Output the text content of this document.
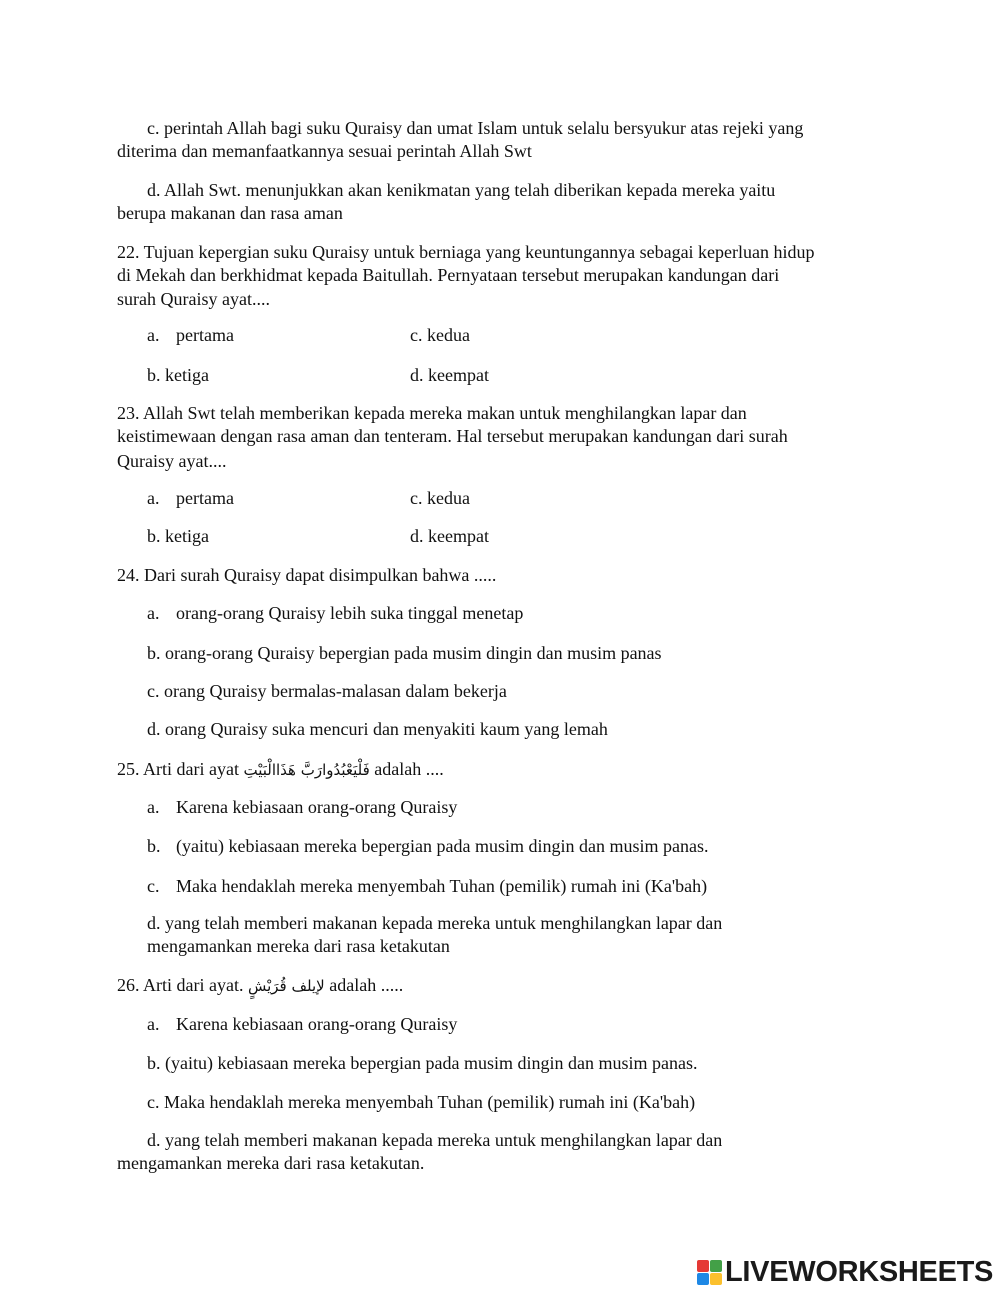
c. perintah Allah bagi suku Quraisy dan umat Islam untuk selalu bersyukur atas rejeki yang
diterima dan memanfaatkannya sesuai perintah Allah Swt
d. Allah Swt. menunjukkan akan kenikmatan yang telah diberikan kepada mereka yaitu
berupa makanan dan rasa aman
22. Tujuan kepergian suku Quraisy untuk berniaga yang keuntungannya sebagai keperluan hidup
di Mekah dan berkhidmat kepada Baitullah. Pernyataan tersebut merupakan kandungan dari
surah Quraisy ayat....
a. pertama	c. kedua
b. ketiga	d. keempat
23. Allah Swt telah memberikan kepada mereka makan untuk menghilangkan lapar dan
keistimewaan dengan rasa aman dan tenteram. Hal tersebut merupakan kandungan dari surah
Quraisy ayat....
a. pertama	c. kedua
b. ketiga	d. keempat
24. Dari surah Quraisy dapat disimpulkan bahwa .....
a. orang-orang Quraisy lebih suka tinggal menetap
b. orang-orang Quraisy bepergian pada musim dingin dan musim panas
c. orang Quraisy bermalas-malasan dalam bekerja
d. orang Quraisy suka mencuri dan menyakiti kaum yang lemah
25. Arti dari ayat فَلْيَعْبُدُوارَبَّ هَذَاالْبَيْتِ adalah ....
a. Karena kebiasaan orang-orang Quraisy
b. (yaitu) kebiasaan mereka bepergian pada musim dingin dan musim panas.
c. Maka hendaklah mereka menyembah Tuhan (pemilik) rumah ini (Ka'bah)
d. yang telah memberi makanan kepada mereka untuk menghilangkan lapar dan
mengamankan mereka dari rasa ketakutan
26. Arti dari ayat. لإيلف قُرَيْشٍ adalah .....
a. Karena kebiasaan orang-orang Quraisy
b. (yaitu) kebiasaan mereka bepergian pada musim dingin dan musim panas.
c. Maka hendaklah mereka menyembah Tuhan (pemilik) rumah ini (Ka'bah)
d. yang telah memberi makanan kepada mereka untuk menghilangkan lapar dan
mengamankan mereka dari rasa ketakutan.
LIVEWORKSHEETS
